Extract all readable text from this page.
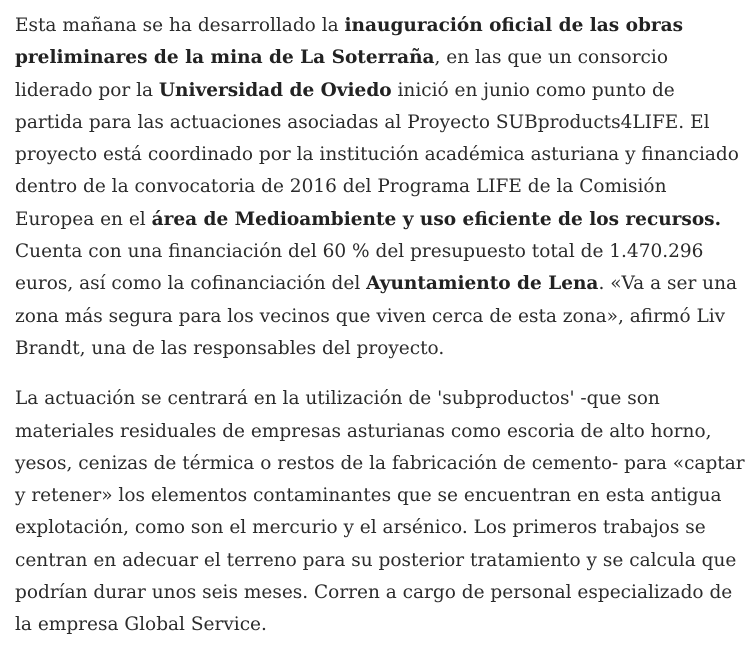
Esta mañana se ha desarrollado la inauguración oficial de las obras preliminares de la mina de La Soterraña, en las que un consorcio liderado por la Universidad de Oviedo inició en junio como punto de partida para las actuaciones asociadas al Proyecto SUBproducts4LIFE. El proyecto está coordinado por la institución académica asturiana y financiado dentro de la convocatoria de 2016 del Programa LIFE de la Comisión Europea en el área de Medioambiente y uso eficiente de los recursos. Cuenta con una financiación del 60 % del presupuesto total de 1.470.296 euros, así como la cofinanciación del Ayuntamiento de Lena. «Va a ser una zona más segura para los vecinos que viven cerca de esta zona», afirmó Liv Brandt, una de las responsables del proyecto.

La actuación se centrará en la utilización de 'subproductos' -que son materiales residuales de empresas asturianas como escoria de alto horno, yesos, cenizas de térmica o restos de la fabricación de cemento- para «captar y retener» los elementos contaminantes que se encuentran en esta antigua explotación, como son el mercurio y el arsénico. Los primeros trabajos se centran en adecuar el terreno para su posterior tratamiento y se calcula que podrían durar unos seis meses. Corren a cargo de personal especializado de la empresa Global Service.
